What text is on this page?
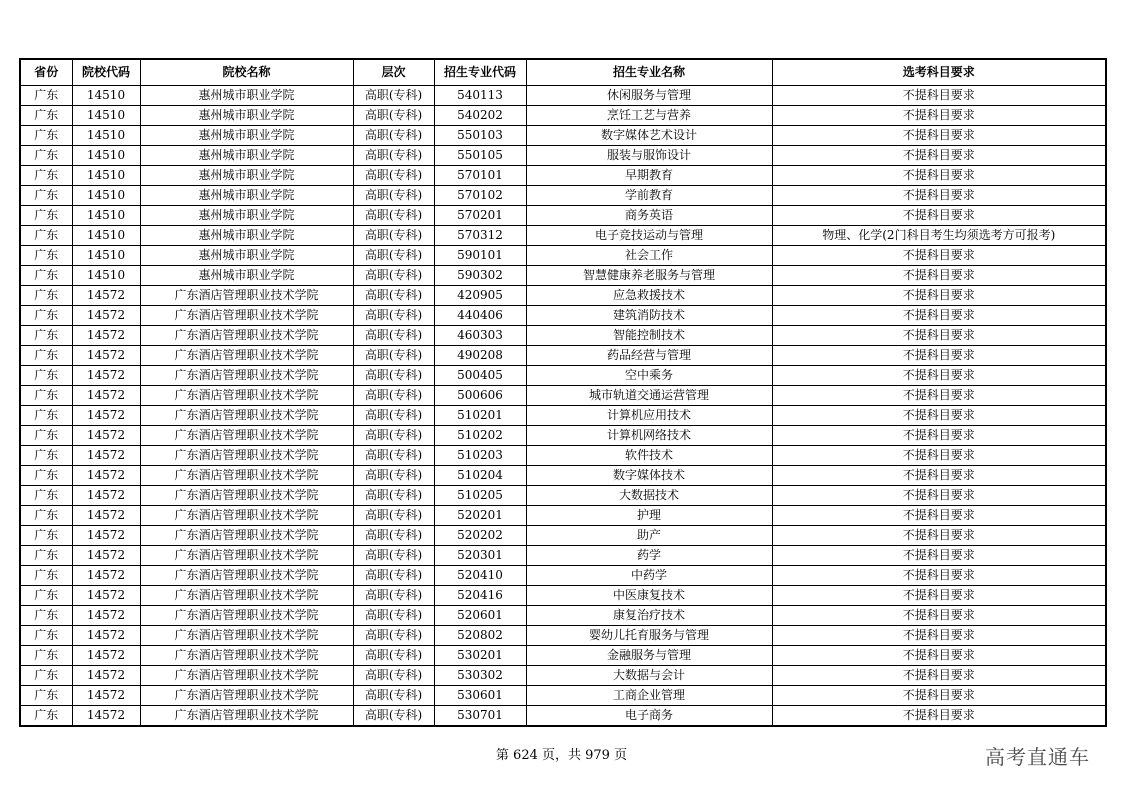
省份	院校代码	院校名称	层次	招生专业代码	招生专业名称	选考科目要求
广东	14510	惠州城市职业学院	高职(专科)	540113	休闲服务与管理	不提科目要求
广东	14510	惠州城市职业学院	高职(专科)	540202	烹饪工艺与营养	不提科目要求
广东	14510	惠州城市职业学院	高职(专科)	550103	数字媒体艺术设计	不提科目要求
广东	14510	惠州城市职业学院	高职(专科)	550105	服装与服饰设计	不提科目要求
广东	14510	惠州城市职业学院	高职(专科)	570101	早期教育	不提科目要求
广东	14510	惠州城市职业学院	高职(专科)	570102	学前教育	不提科目要求
广东	14510	惠州城市职业学院	高职(专科)	570201	商务英语	不提科目要求
广东	14510	惠州城市职业学院	高职(专科)	570312	电子竞技运动与管理	物理、化学(2门科目考生均须选考方可报考)
广东	14510	惠州城市职业学院	高职(专科)	590101	社会工作	不提科目要求
广东	14510	惠州城市职业学院	高职(专科)	590302	智慧健康养老服务与管理	不提科目要求
广东	14572	广东酒店管理职业技术学院	高职(专科)	420905	应急救援技术	不提科目要求
广东	14572	广东酒店管理职业技术学院	高职(专科)	440406	建筑消防技术	不提科目要求
广东	14572	广东酒店管理职业技术学院	高职(专科)	460303	智能控制技术	不提科目要求
广东	14572	广东酒店管理职业技术学院	高职(专科)	490208	药品经营与管理	不提科目要求
广东	14572	广东酒店管理职业技术学院	高职(专科)	500405	空中乘务	不提科目要求
广东	14572	广东酒店管理职业技术学院	高职(专科)	500606	城市轨道交通运营管理	不提科目要求
广东	14572	广东酒店管理职业技术学院	高职(专科)	510201	计算机应用技术	不提科目要求
广东	14572	广东酒店管理职业技术学院	高职(专科)	510202	计算机网络技术	不提科目要求
广东	14572	广东酒店管理职业技术学院	高职(专科)	510203	软件技术	不提科目要求
广东	14572	广东酒店管理职业技术学院	高职(专科)	510204	数字媒体技术	不提科目要求
广东	14572	广东酒店管理职业技术学院	高职(专科)	510205	大数据技术	不提科目要求
广东	14572	广东酒店管理职业技术学院	高职(专科)	520201	护理	不提科目要求
广东	14572	广东酒店管理职业技术学院	高职(专科)	520202	助产	不提科目要求
广东	14572	广东酒店管理职业技术学院	高职(专科)	520301	药学	不提科目要求
广东	14572	广东酒店管理职业技术学院	高职(专科)	520410	中药学	不提科目要求
广东	14572	广东酒店管理职业技术学院	高职(专科)	520416	中医康复技术	不提科目要求
广东	14572	广东酒店管理职业技术学院	高职(专科)	520601	康复治疗技术	不提科目要求
广东	14572	广东酒店管理职业技术学院	高职(专科)	520802	婴幼儿托育服务与管理	不提科目要求
广东	14572	广东酒店管理职业技术学院	高职(专科)	530201	金融服务与管理	不提科目要求
广东	14572	广东酒店管理职业技术学院	高职(专科)	530302	大数据与会计	不提科目要求
广东	14572	广东酒店管理职业技术学院	高职(专科)	530601	工商企业管理	不提科目要求
广东	14572	广东酒店管理职业技术学院	高职(专科)	530701	电子商务	不提科目要求
第 624 页，共 979 页	高考直通车
